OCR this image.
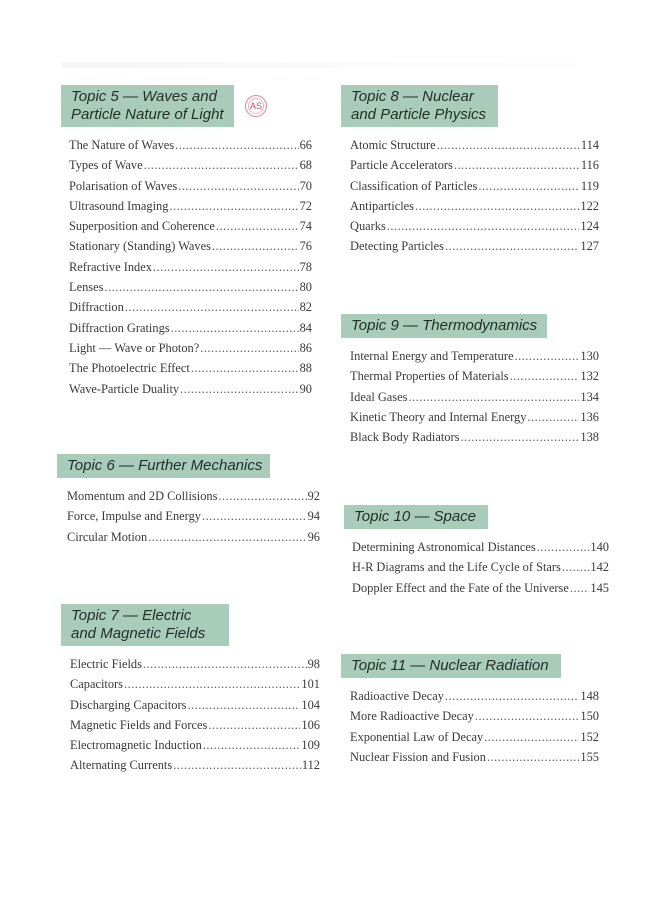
Topic 5 — Waves and
Particle Nature of Light	AS
The Nature of Waves .....	66
Types of Wave .....	68
Polarisation of Waves .....	70
Ultrasound Imaging .....	72
Superposition and Coherence .....	74
Stationary (Standing) Waves .....	76
Refractive Index .....	78
Lenses .....	80
Diffraction .....	82
Diffraction Gratings .....	84
Light — Wave or Photon? .....	86
The Photoelectric Effect .....	88
Wave-Particle Duality .....	90
Topic 6 — Further Mechanics
Momentum and 2D Collisions .....	92
Force, Impulse and Energy .....	94
Circular Motion .....	96
Topic 7 — Electric
and Magnetic Fields
Electric Fields .....	98
Capacitors .....	101
Discharging Capacitors .....	104
Magnetic Fields and Forces .....	106
Electromagnetic Induction .....	109
Alternating Currents .....	112
Topic 8 — Nuclear
and Particle Physics
Atomic Structure .....	114
Particle Accelerators .....	116
Classification of Particles .....	119
Antiparticles .....	122
Quarks .....	124
Detecting Particles .....	127
Topic 9 — Thermodynamics
Internal Energy and Temperature .....	130
Thermal Properties of Materials .....	132
Ideal Gases .....	134
Kinetic Theory and Internal Energy .....	136
Black Body Radiators .....	138
Topic 10 — Space
Determining Astronomical Distances .....	140
H-R Diagrams and the Life Cycle of Stars ..... 142
Doppler Effect and the Fate of the Universe ..... 145
Topic 11 — Nuclear Radiation
Radioactive Decay .....	148
More Radioactive Decay .....	150
Exponential Law of Decay .....	152
Nuclear Fission and Fusion .....	155
